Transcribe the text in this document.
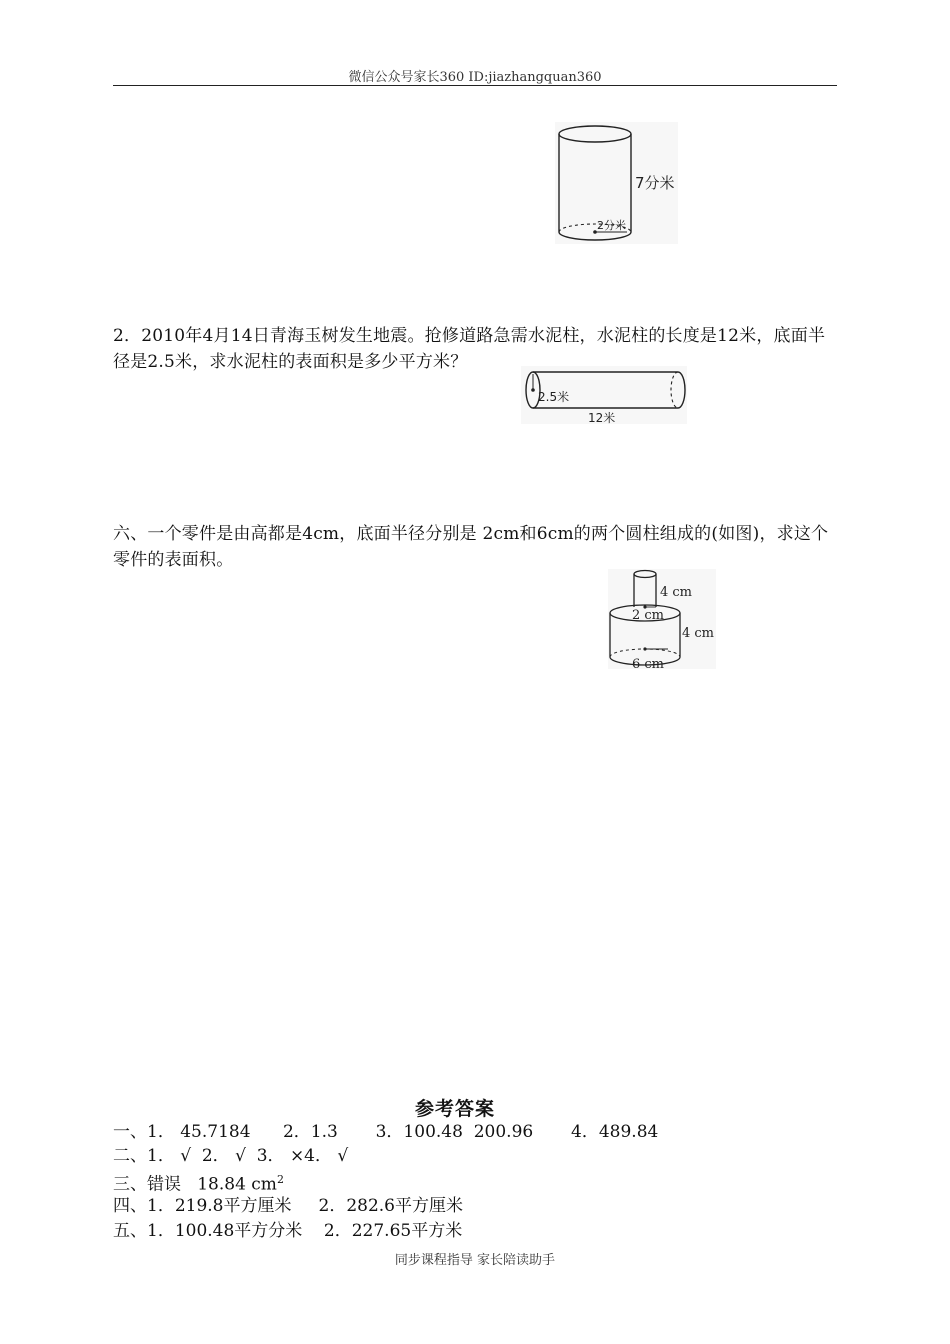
微信公众号家长360 ID:jiazhangquan360
7分米
2分米
2．2010年4月14日青海玉树发生地震。抢修道路急需水泥柱，水泥柱的长度是12米，底面半径是2.5米，求水泥柱的表面积是多少平方米？
2.5米
12米
六、一个零件是由高都是4cm，底面半径分别是 2cm和6cm的两个圆柱组成的(如图)，求这个零件的表面积。
4 cm
2 cm
4 cm
6 cm
参考答案
一、1． 45.7184      2．1.3       3．100.48  200.96       4．489.84
二、1． √  2． √  3． ×4． √
三、错误   18.84 $cm^2$
四、1．219.8平方厘米     2．282.6平方厘米
五、1．100.48平方分米    2．227.65平方米
同步课程指导 家长陪读助手
